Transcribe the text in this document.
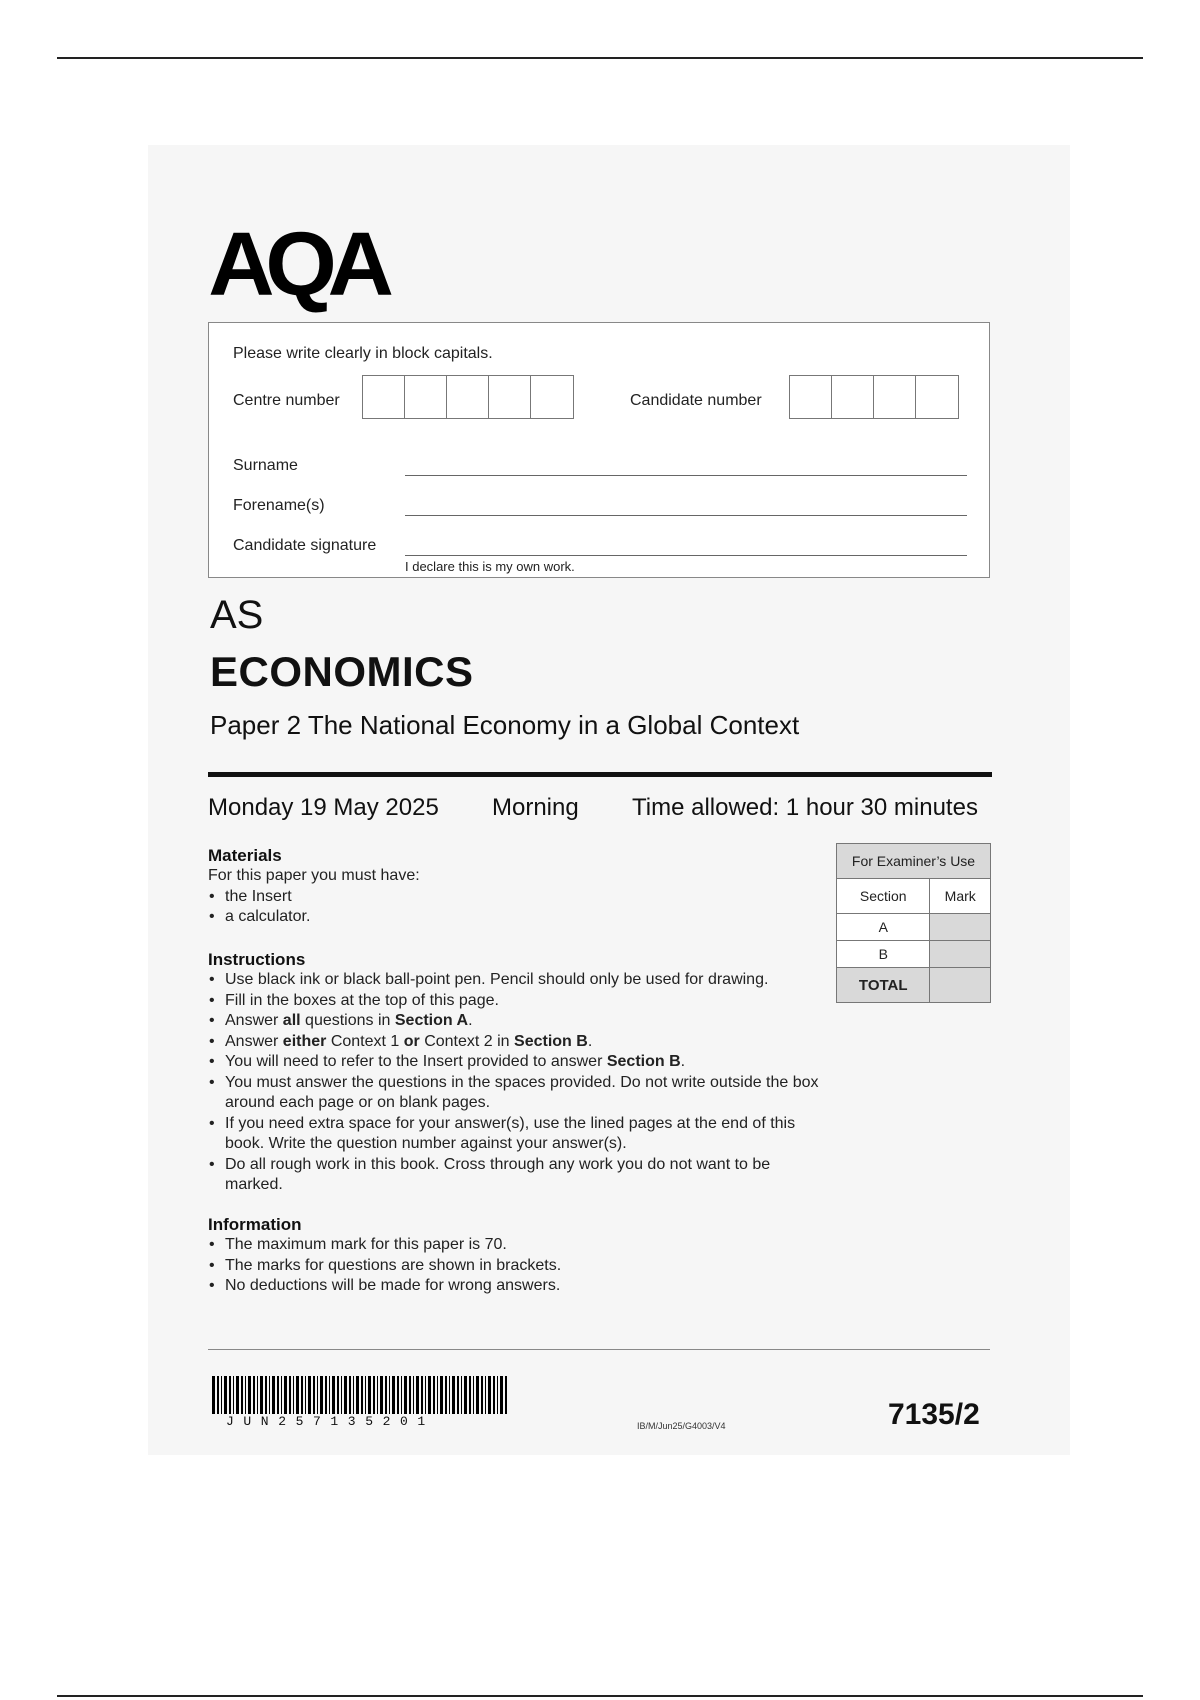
AQA
Please write clearly in block capitals.
Centre number	Candidate number
Surname
Forename(s)
Candidate signature
I declare this is my own work.
AS
ECONOMICS
Paper 2 The National Economy in a Global Context
Monday 19 May 2025 Morning Time allowed: 1 hour 30 minutes
Materials

For this paper you must have:

• the Insert
• a calculator.
Instructions
• Use black ink or black ball-point pen. Pencil should only be used for drawing.
• Fill in the boxes at the top of this page.
• Answer all questions in Section A.
• Answer either Context 1 or Context 2 in Section B.
• You will need to refer to the Insert provided to answer Section B.
• You must answer the questions in the spaces provided. Do not write outside the box around each page or on blank pages.
• If you need extra space for your answer(s), use the lined pages at the end of this book. Write the question number against your answer(s).
• Do all rough work in this book. Cross through any work you do not want to be marked.
Information
• The maximum mark for this paper is 70.
• The marks for questions are shown in brackets.
• No deductions will be made for wrong answers.
For Examiner’s Use	
Section	Mark
A	
B	
TOTAL	
JUN257135201	IB/M/Jun25/G4003/V4	7135/2
